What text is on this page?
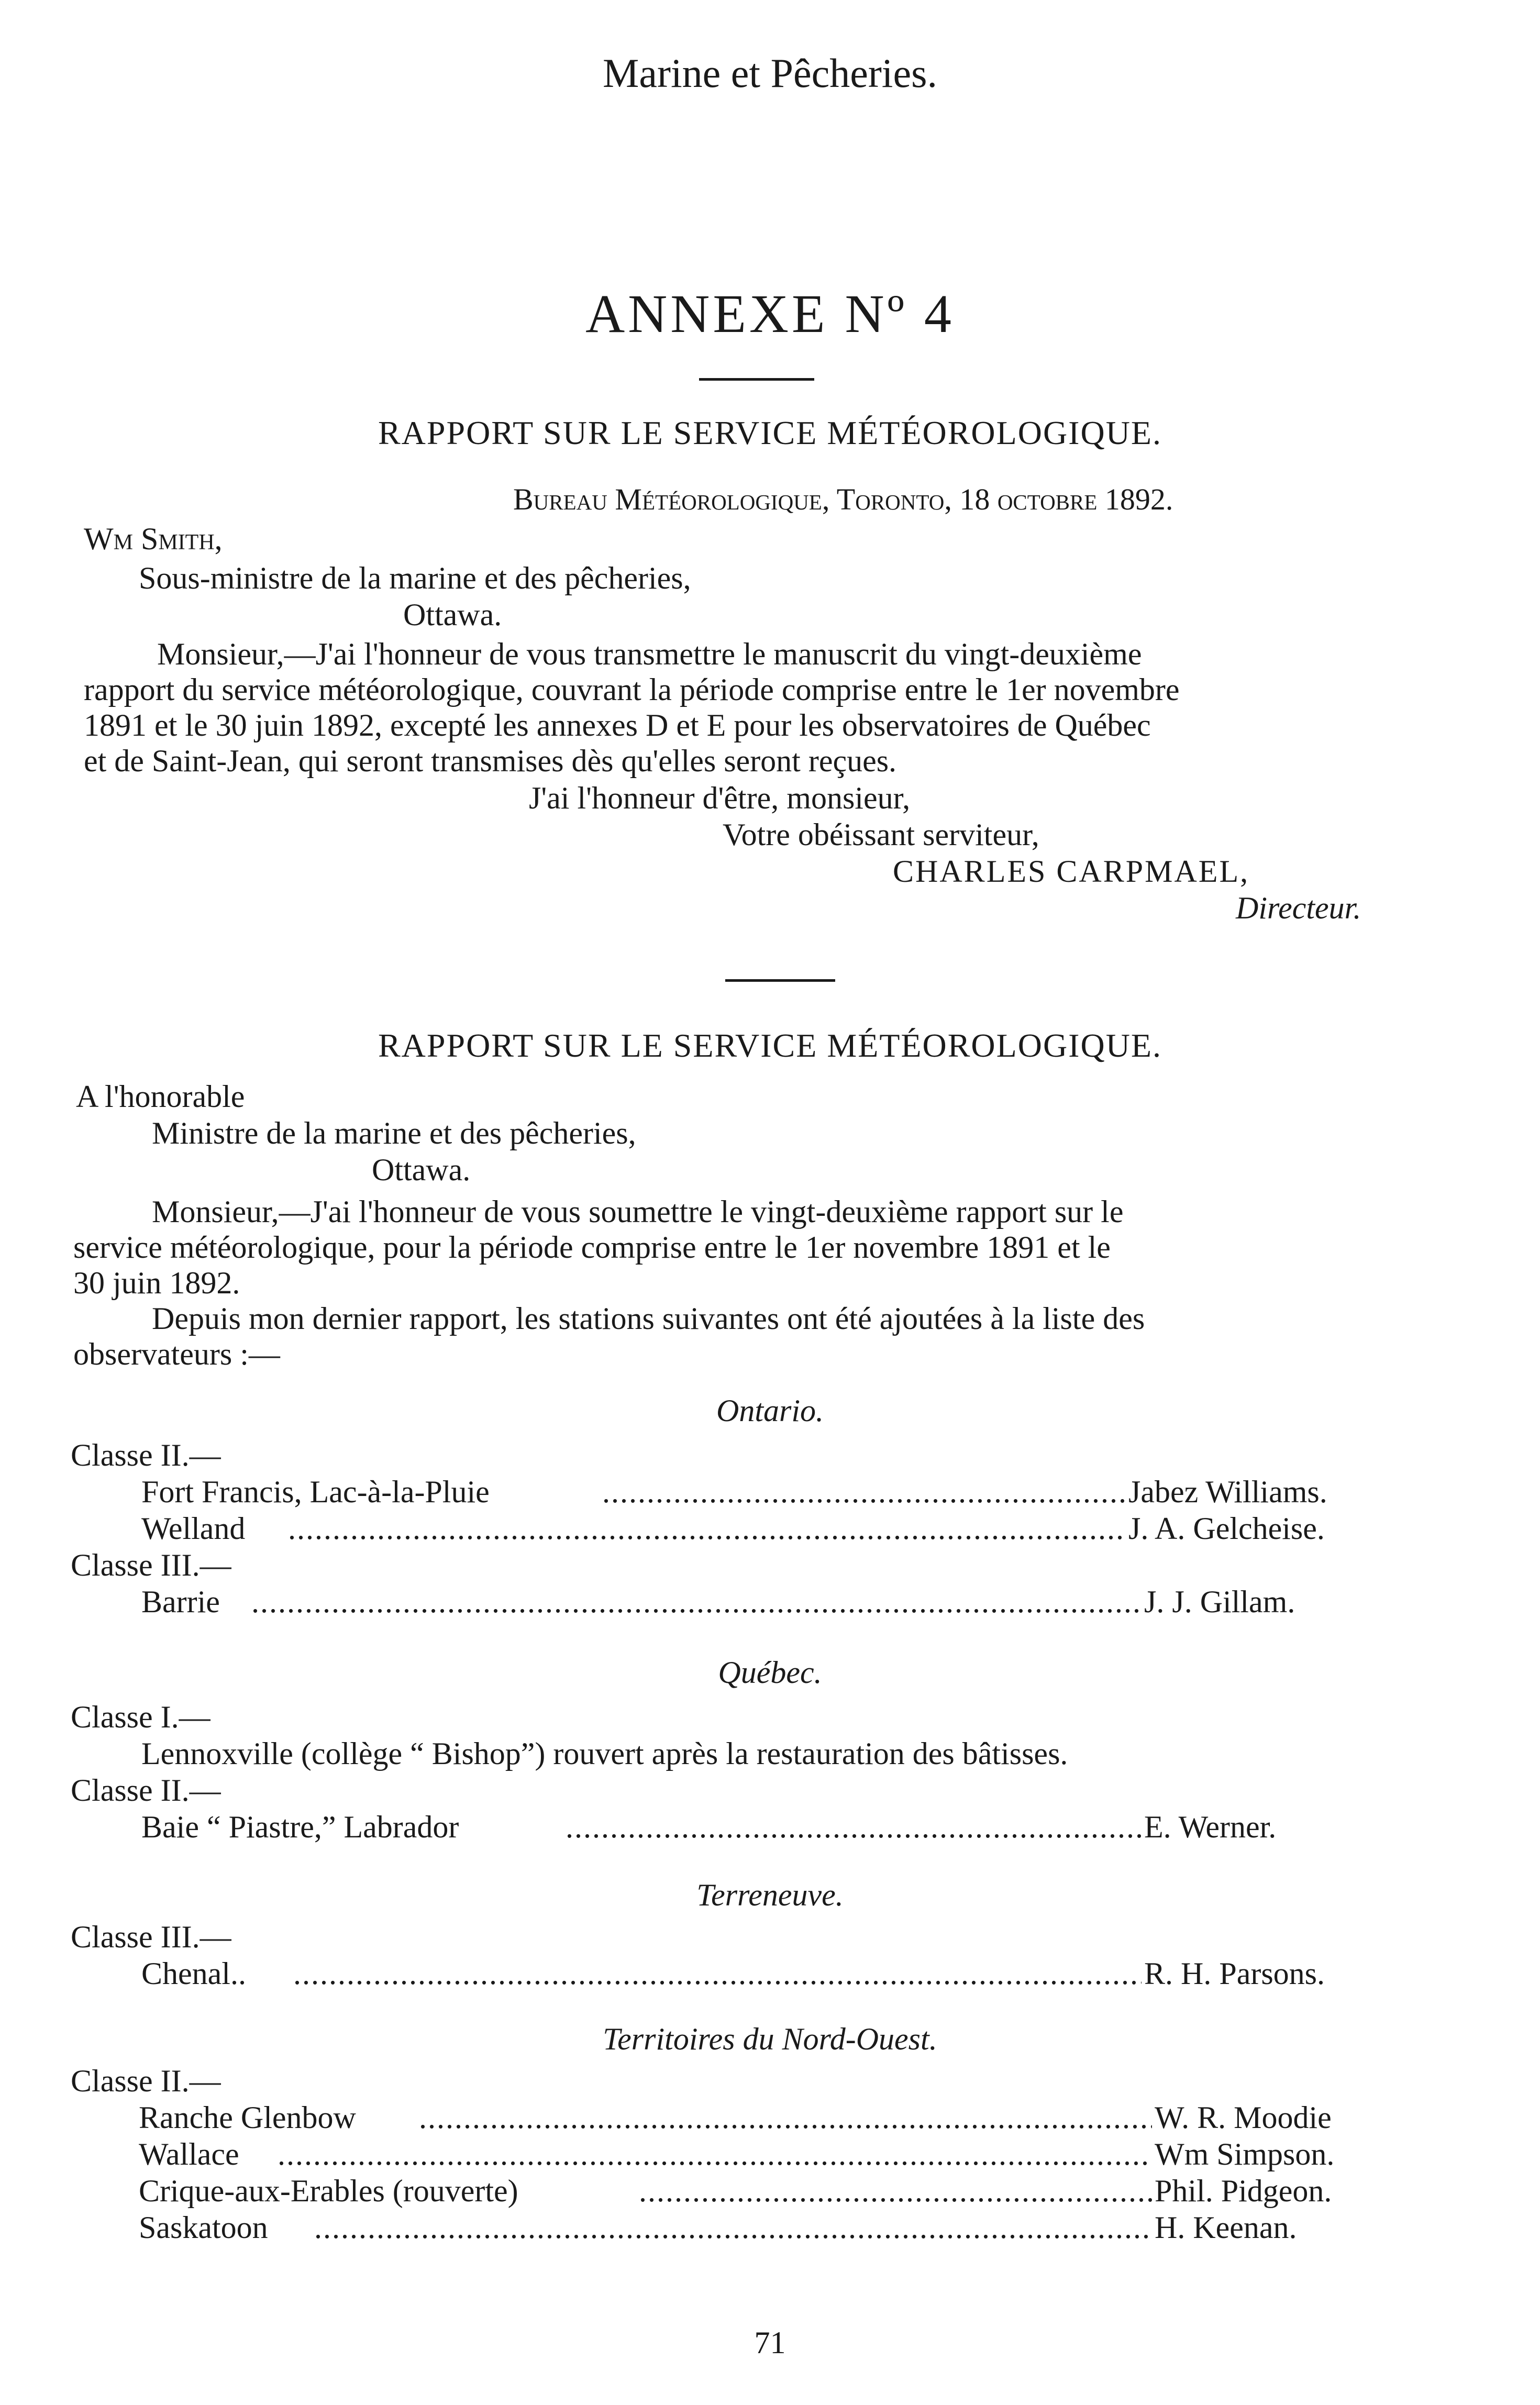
Marine et Pêcheries.
ANNEXE Nº 4
RAPPORT SUR LE SERVICE MÉTÉOROLOGIQUE.
Bureau Météorologique, Toronto, 18 octobre 1892.
Wm Smith,
Sous-ministre de la marine et des pêcheries,
Ottawa.
Monsieur,—J'ai l'honneur de vous transmettre le manuscrit du vingt-deuxième
rapport du service météorologique, couvrant la période comprise entre le 1er novembre
1891 et le 30 juin 1892, excepté les annexes D et E pour les observatoires de Québec
et de Saint-Jean, qui seront transmises dès qu'elles seront reçues.
J'ai l'honneur d'être, monsieur,
Votre obéissant serviteur,
CHARLES CARPMAEL,
Directeur.
RAPPORT SUR LE SERVICE MÉTÉOROLOGIQUE.
A l'honorable
Ministre de la marine et des pêcheries,
Ottawa.
Monsieur,—J'ai l'honneur de vous soumettre le vingt-deuxième rapport sur le
service météorologique, pour la période comprise entre le 1er novembre 1891 et le
30 juin 1892.
Depuis mon dernier rapport, les stations suivantes ont été ajoutées à la liste des
observateurs :—
Ontario.
Classe II.—
Fort Francis, Lac-à-la-Pluie .....	Jabez Williams.
Welland .....	J. A. Gelcheise.
Classe III.—
Barrie .....	J. J. Gillam.
Québec.
Classe I.—
Lennoxville (collège “ Bishop”) rouvert après la restauration des bâtisses.
Classe II.—
Baie “ Piastre,” Labrador .....	E. Werner.
Terreneuve.
Classe III.—
Chenal.. .....	R. H. Parsons.
Territoires du Nord-Ouest.
Classe II.—
Ranche Glenbow .....	W. R. Moodie
Wallace .....	Wm Simpson.
Crique-aux-Erables (rouverte) .....	Phil. Pidgeon.
Saskatoon .....	H. Keenan.
71
